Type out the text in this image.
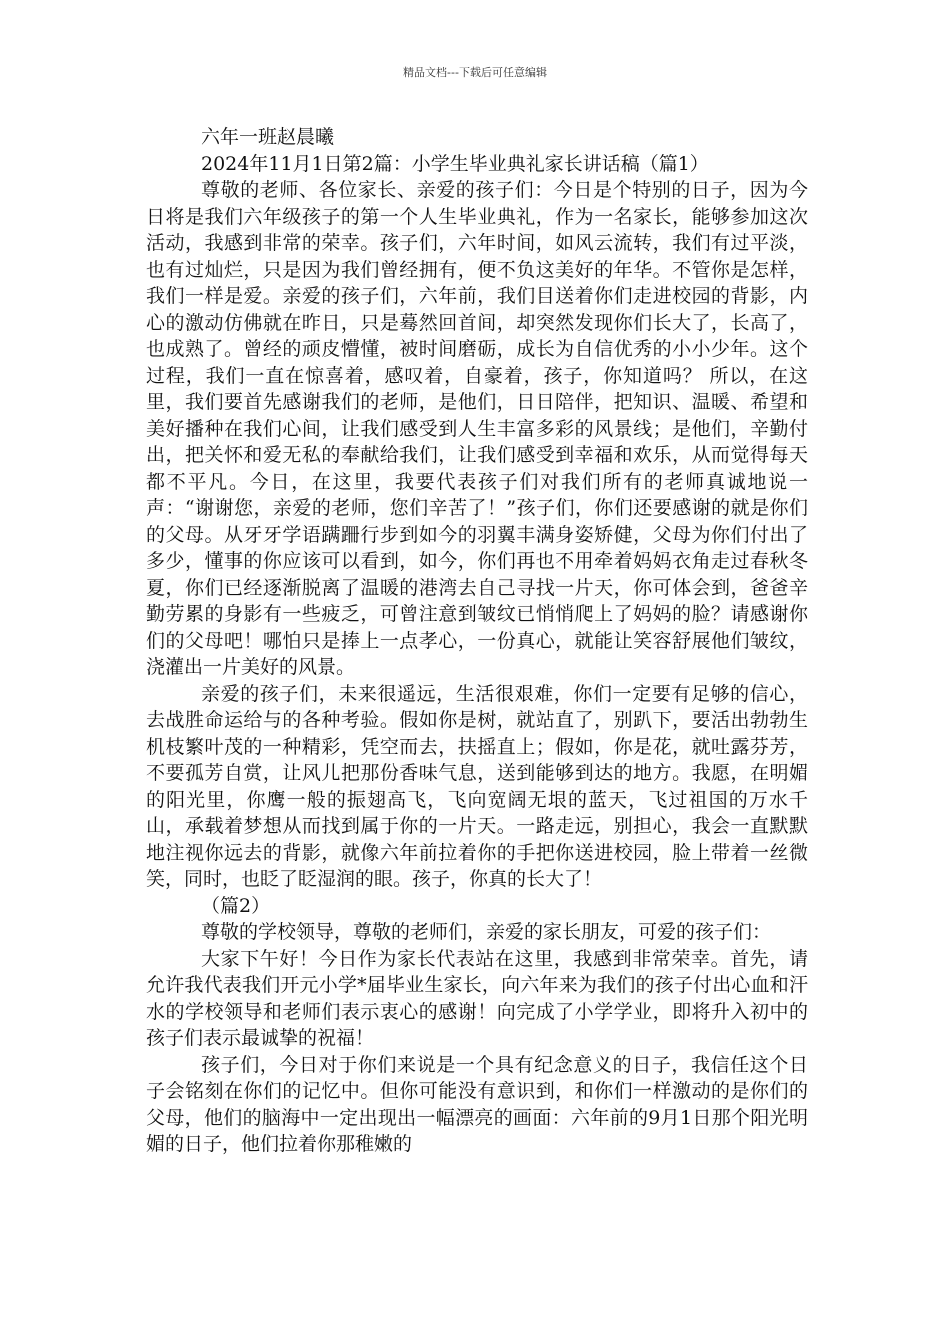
精品文档---下载后可任意编辑
六年一班赵晨曦
2024年11月1日第2篇：小学生毕业典礼家长讲话稿（篇1）

尊敬的老师、各位家长、亲爱的孩子们：今日是个特别的日子，因为今日将是我们六年级孩子的第一个人生毕业典礼，作为一名家长，能够参加这次活动，我感到非常的荣幸。孩子们，六年时间，如风云流转，我们有过平淡，也有过灿烂，只是因为我们曾经拥有，便不负这美好的年华。不管你是怎样，我们一样是爱。亲爱的孩子们，六年前，我们目送着你们走进校园的背影，内心的激动仿佛就在昨日，只是蓦然回首间，却突然发现你们长大了，长高了，也成熟了。曾经的顽皮懵懂，被时间磨砺，成长为自信优秀的小小少年。这个过程，我们一直在惊喜着，感叹着，自豪着，孩子，你知道吗？ 所以，在这里，我们要首先感谢我们的老师，是他们，日日陪伴，把知识、温暖、希望和美好播种在我们心间，让我们感受到人生丰富多彩的风景线；是他们，辛勤付出，把关怀和爱无私的奉献给我们，让我们感受到幸福和欢乐，从而觉得每天都不平凡。今日，在这里，我要代表孩子们对我们所有的老师真诚地说一声：“谢谢您，亲爱的老师，您们辛苦了！”孩子们，你们还要感谢的就是你们的父母。从牙牙学语蹒跚行步到如今的羽翼丰满身姿矫健，父母为你们付出了多少，懂事的你应该可以看到，如今，你们再也不用牵着妈妈衣角走过春秋冬夏，你们已经逐渐脱离了温暖的港湾去自己寻找一片天，你可体会到，爸爸辛勤劳累的身影有一些疲乏，可曾注意到皱纹已悄悄爬上了妈妈的脸？请感谢你们的父母吧！哪怕只是捧上一点孝心，一份真心，就能让笑容舒展他们皱纹，浇灌出一片美好的风景。

亲爱的孩子们，未来很遥远，生活很艰难，你们一定要有足够的信心，去战胜命运给与的各种考验。假如你是树，就站直了，别趴下，要活出勃勃生机枝繁叶茂的一种精彩，凭空而去，扶摇直上；假如，你是花，就吐露芬芳，不要孤芳自赏，让风儿把那份香味气息，送到能够到达的地方。我愿，在明媚的阳光里，你鹰一般的振翅高飞，飞向宽阔无垠的蓝天，飞过祖国的万水千山，承载着梦想从而找到属于你的一片天。一路走远，别担心，我会一直默默地注视你远去的背影，就像六年前拉着你的手把你送进校园，脸上带着一丝微笑，同时，也眨了眨湿润的眼。孩子，你真的长大了！

（篇2）

尊敬的学校领导，尊敬的老师们，亲爱的家长朋友，可爱的孩子们：

大家下午好！今日作为家长代表站在这里，我感到非常荣幸。首先，请允许我代表我们开元小学*届毕业生家长，向六年来为我们的孩子付出心血和汗水的学校领导和老师们表示衷心的感谢！向完成了小学学业，即将升入初中的孩子们表示最诚挚的祝福！

孩子们，今日对于你们来说是一个具有纪念意义的日子，我信任这个日子会铭刻在你们的记忆中。但你可能没有意识到，和你们一样激动的是你们的父母，他们的脑海中一定出现出一幅漂亮的画面：六年前的9月1日那个阳光明媚的日子，他们拉着你那稚嫩的
